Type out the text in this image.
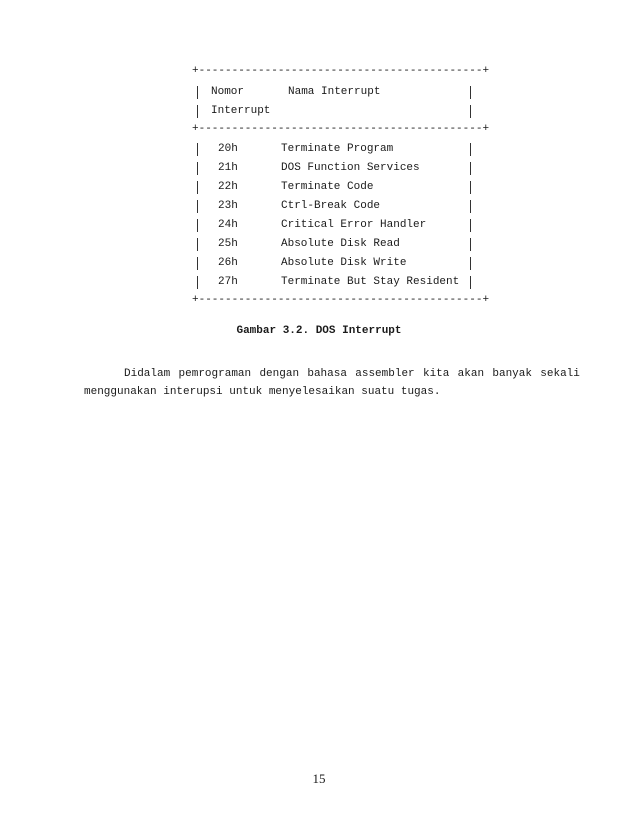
+-------------------------------------------+
Nomor	Nama Interrupt
Interrupt
+-------------------------------------------+
20h	Terminate Program
21h	DOS Function Services
22h	Terminate Code
23h	Ctrl-Break Code
24h	Critical Error Handler
25h	Absolute Disk Read
26h	Absolute Disk Write
27h	Terminate But Stay Resident
+-------------------------------------------+
Gambar 3.2. DOS Interrupt
Didalam pemrograman dengan bahasa assembler kita akan banyak sekali
menggunakan interupsi untuk menyelesaikan suatu tugas.
15
